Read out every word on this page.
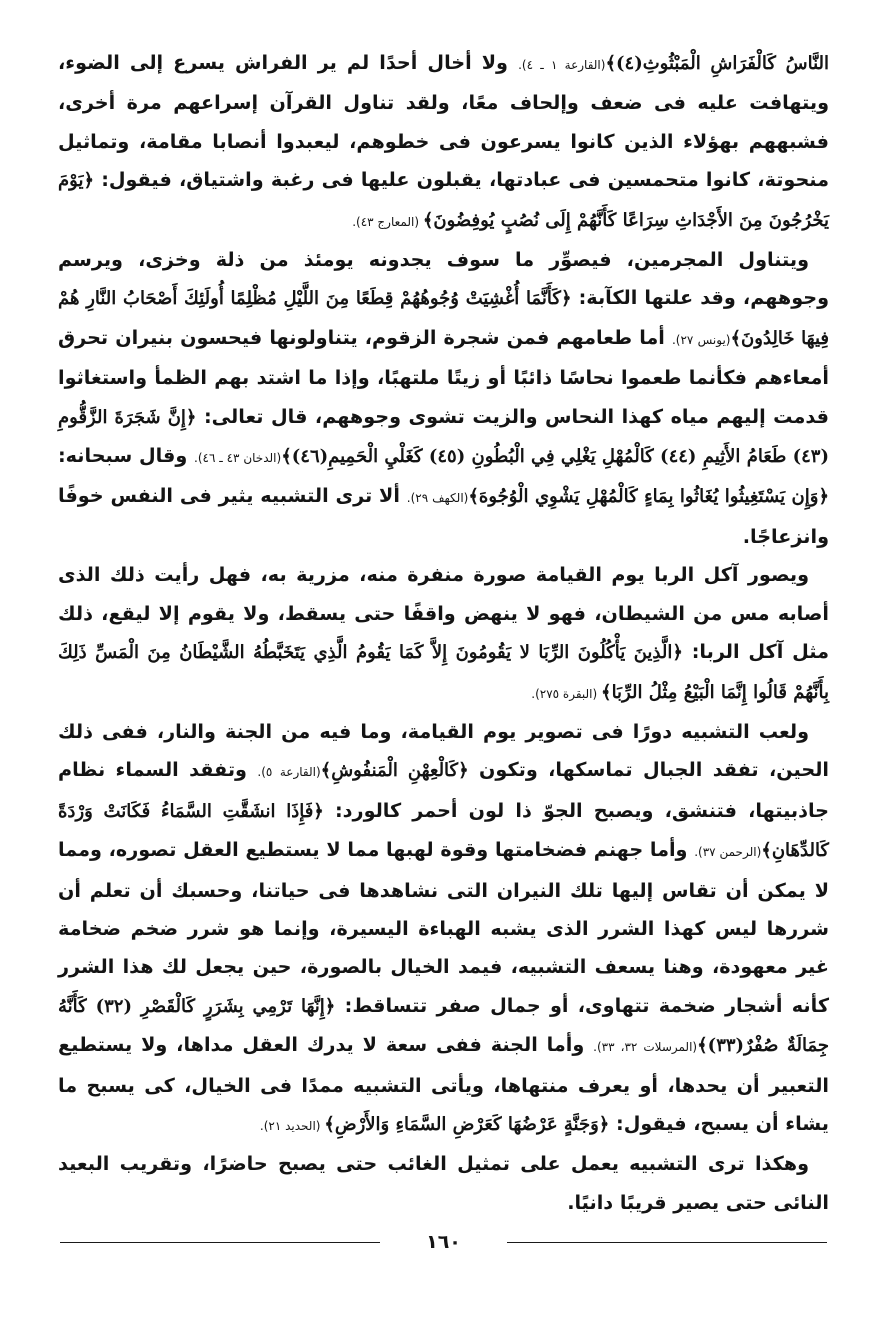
النَّاسُ كَالْفَرَاشِ الْمَبْثُوثِ(٤)﴾(القارعة ١ ـ ٤). ولا أخال أحدًا لم ير الفراش يسرع إلى الضوء، ويتهافت عليه فى ضعف وإلحاف معًا، ولقد تناول القرآن إسراعهم مرة أخرى، فشبههم بهؤلاء الذين كانوا يسرعون فى خطوهم، ليعبدوا أنصابا مقامة، وتماثيل منحوتة، كانوا متحمسين فى عبادتها، يقبلون عليها فى رغبة واشتياق، فيقول: ﴿يَوْمَ يَخْرُجُونَ مِنَ الأَجْدَاثِ سِرَاعًا كَأَنَّهُمْ إِلَى نُصُبٍ يُوفِضُونَ﴾ (المعارج ٤٣).

ويتناول المجرمين، فيصوِّر ما سوف يجدونه يومئذ من ذلة وخزى، ويرسم وجوههم، وقد علتها الكآبة: ﴿كَأَنَّمَا أُغْشِيَتْ وُجُوهُهُمْ قِطَعًا مِنَ اللَّيْلِ مُظْلِمًا أُولَئِكَ أَصْحَابُ النَّارِ هُمْ فِيهَا خَالِدُونَ﴾(يونس ٢٧). أما طعامهم فمن شجرة الزقوم، يتناولونها فيحسون بنيران تحرق أمعاءهم فكأنما طعموا نحاسًا ذائبًا أو زيتًا ملتهبًا، وإذا ما اشتد بهم الظمأ واستغاثوا قدمت إليهم مياه كهذا النحاس والزيت تشوى وجوههم، قال تعالى: ﴿إِنَّ شَجَرَةَ الزَّقُّومِ (٤٣) طَعَامُ الأَثِيمِ (٤٤) كَالْمُهْلِ يَغْلِي فِي الْبُطُونِ (٤٥) كَغَلْيِ الْحَمِيمِ(٤٦)﴾(الدخان ٤٣ ـ ٤٦). وقال سبحانه: ﴿وَإِن يَسْتَغِيثُوا يُغَاثُوا بِمَاءٍ كَالْمُهْلِ يَشْوِي الْوُجُوهَ﴾(الكهف ٢٩). ألا ترى التشبيه يثير فى النفس خوفًا وانزعاجًا.

ويصور آكل الربا يوم القيامة صورة منفرة منه، مزرية به، فهل رأيت ذلك الذى أصابه مس من الشيطان، فهو لا ينهض واقفًا حتى يسقط، ولا يقوم إلا ليقع، ذلك مثل آكل الربا: ﴿الَّذِينَ يَأْكُلُونَ الرِّبَا لا يَقُومُونَ إِلاَّ كَمَا يَقُومُ الَّذِي يَتَخَبَّطُهُ الشَّيْطَانُ مِنَ الْمَسِّ ذَلِكَ بِأَنَّهُمْ قَالُوا إِنَّمَا الْبَيْعُ مِثْلُ الرِّبَا﴾ (البقرة ٢٧٥).

ولعب التشبيه دورًا فى تصوير يوم القيامة، وما فيه من الجنة والنار، ففى ذلك الحين، تفقد الجبال تماسكها، وتكون ﴿كَالْعِهْنِ الْمَنفُوشِ﴾(القارعة ٥). وتفقد السماء نظام جاذبيتها، فتنشق، ويصبح الجوّ ذا لون أحمر كالورد: ﴿فَإِذَا انشَقَّتِ السَّمَاءُ فَكَانَتْ وَرْدَةً كَالدِّهَانِ﴾(الرحمن ٣٧). وأما جهنم فضخامتها وقوة لهبها مما لا يستطيع العقل تصوره، ومما لا يمكن أن تقاس إليها تلك النيران التى نشاهدها فى حياتنا، وحسبك أن تعلم أن شررها ليس كهذا الشرر الذى يشبه الهباءة اليسيرة، وإنما هو شرر ضخم ضخامة غير معهودة، وهنا يسعف التشبيه، فيمد الخيال بالصورة، حين يجعل لك هذا الشرر كأنه أشجار ضخمة تتهاوى، أو جمال صفر تتساقط: ﴿إِنَّهَا تَرْمِي بِشَرَرٍ كَالْقَصْرِ (٣٢) كَأَنَّهُ جِمَالَةٌ صُفْرٌ(٣٣)﴾(المرسلات ٣٢، ٣٣). وأما الجنة ففى سعة لا يدرك العقل مداها، ولا يستطيع التعبير أن يحدها، أو يعرف منتهاها، ويأتى التشبيه ممدًا فى الخيال، كى يسبح ما يشاء أن يسبح، فيقول: ﴿وَجَنَّةٍ عَرْضُهَا كَعَرْضِ السَّمَاءِ وَالأَرْضِ﴾ (الحديد ٢١).

وهكذا ترى التشبيه يعمل على تمثيل الغائب حتى يصبح حاضرًا، وتقريب البعيد النائى حتى يصير قريبًا دانيًا.

١٦٠
